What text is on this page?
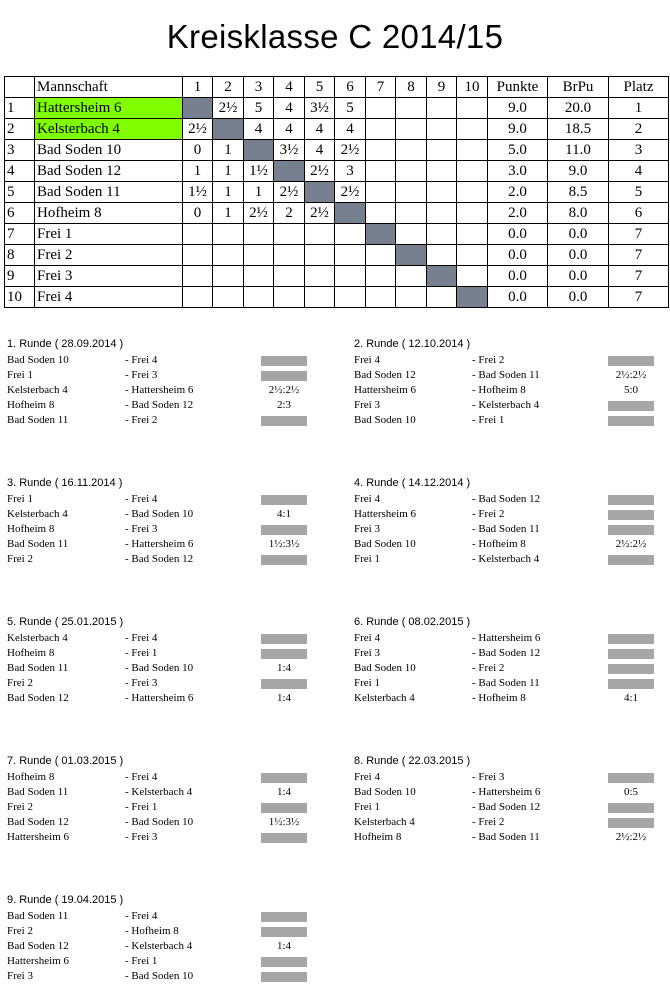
Kreisklasse C 2014/15
	Mannschaft	1	2	3	4	5	6	7	8	9	10	Punkte	BrPu	Platz
1	Hattersheim 6		2½	5	4	3½	5					9.0	20.0	1
2	Kelsterbach 4	2½		4	4	4	4					9.0	18.5	2
3	Bad Soden 10	0	1		3½	4	2½					5.0	11.0	3
4	Bad Soden 12	1	1	1½		2½	3					3.0	9.0	4
5	Bad Soden 11	1½	1	1	2½		2½					2.0	8.5	5
6	Hofheim 8	0	1	2½	2	2½						2.0	8.0	6
7	Frei 1											0.0	0.0	7
8	Frei 2											0.0	0.0	7
9	Frei 3											0.0	0.0	7
10	Frei 4											0.0	0.0	7
1. Runde ( 28.09.2014 )
Bad Soden 10	- Frei 4
Frei 1	- Frei 3
Kelsterbach 4	- Hattersheim 6	2½:2½
Hofheim 8	- Bad Soden 12	2:3
Bad Soden 11	- Frei 2
2. Runde ( 12.10.2014 )
Frei 4	- Frei 2
Bad Soden 12	- Bad Soden 11	2½:2½
Hattersheim 6	- Hofheim 8	5:0
Frei 3	- Kelsterbach 4
Bad Soden 10	- Frei 1
3. Runde ( 16.11.2014 )
Frei 1	- Frei 4
Kelsterbach 4	- Bad Soden 10	4:1
Hofheim 8	- Frei 3
Bad Soden 11	- Hattersheim 6	1½:3½
Frei 2	- Bad Soden 12
4. Runde ( 14.12.2014 )
Frei 4	- Bad Soden 12
Hattersheim 6	- Frei 2
Frei 3	- Bad Soden 11
Bad Soden 10	- Hofheim 8	2½:2½
Frei 1	- Kelsterbach 4
5. Runde ( 25.01.2015 )
Kelsterbach 4	- Frei 4
Hofheim 8	- Frei 1
Bad Soden 11	- Bad Soden 10	1:4
Frei 2	- Frei 3
Bad Soden 12	- Hattersheim 6	1:4
6. Runde ( 08.02.2015 )
Frei 4	- Hattersheim 6
Frei 3	- Bad Soden 12
Bad Soden 10	- Frei 2
Frei 1	- Bad Soden 11
Kelsterbach 4	- Hofheim 8	4:1
7. Runde ( 01.03.2015 )
Hofheim 8	- Frei 4
Bad Soden 11	- Kelsterbach 4	1:4
Frei 2	- Frei 1
Bad Soden 12	- Bad Soden 10	1½:3½
Hattersheim 6	- Frei 3
8. Runde ( 22.03.2015 )
Frei 4	- Frei 3
Bad Soden 10	- Hattersheim 6	0:5
Frei 1	- Bad Soden 12
Kelsterbach 4	- Frei 2
Hofheim 8	- Bad Soden 11	2½:2½
9. Runde ( 19.04.2015 )
Bad Soden 11	- Frei 4
Frei 2	- Hofheim 8
Bad Soden 12	- Kelsterbach 4	1:4
Hattersheim 6	- Frei 1
Frei 3	- Bad Soden 10
